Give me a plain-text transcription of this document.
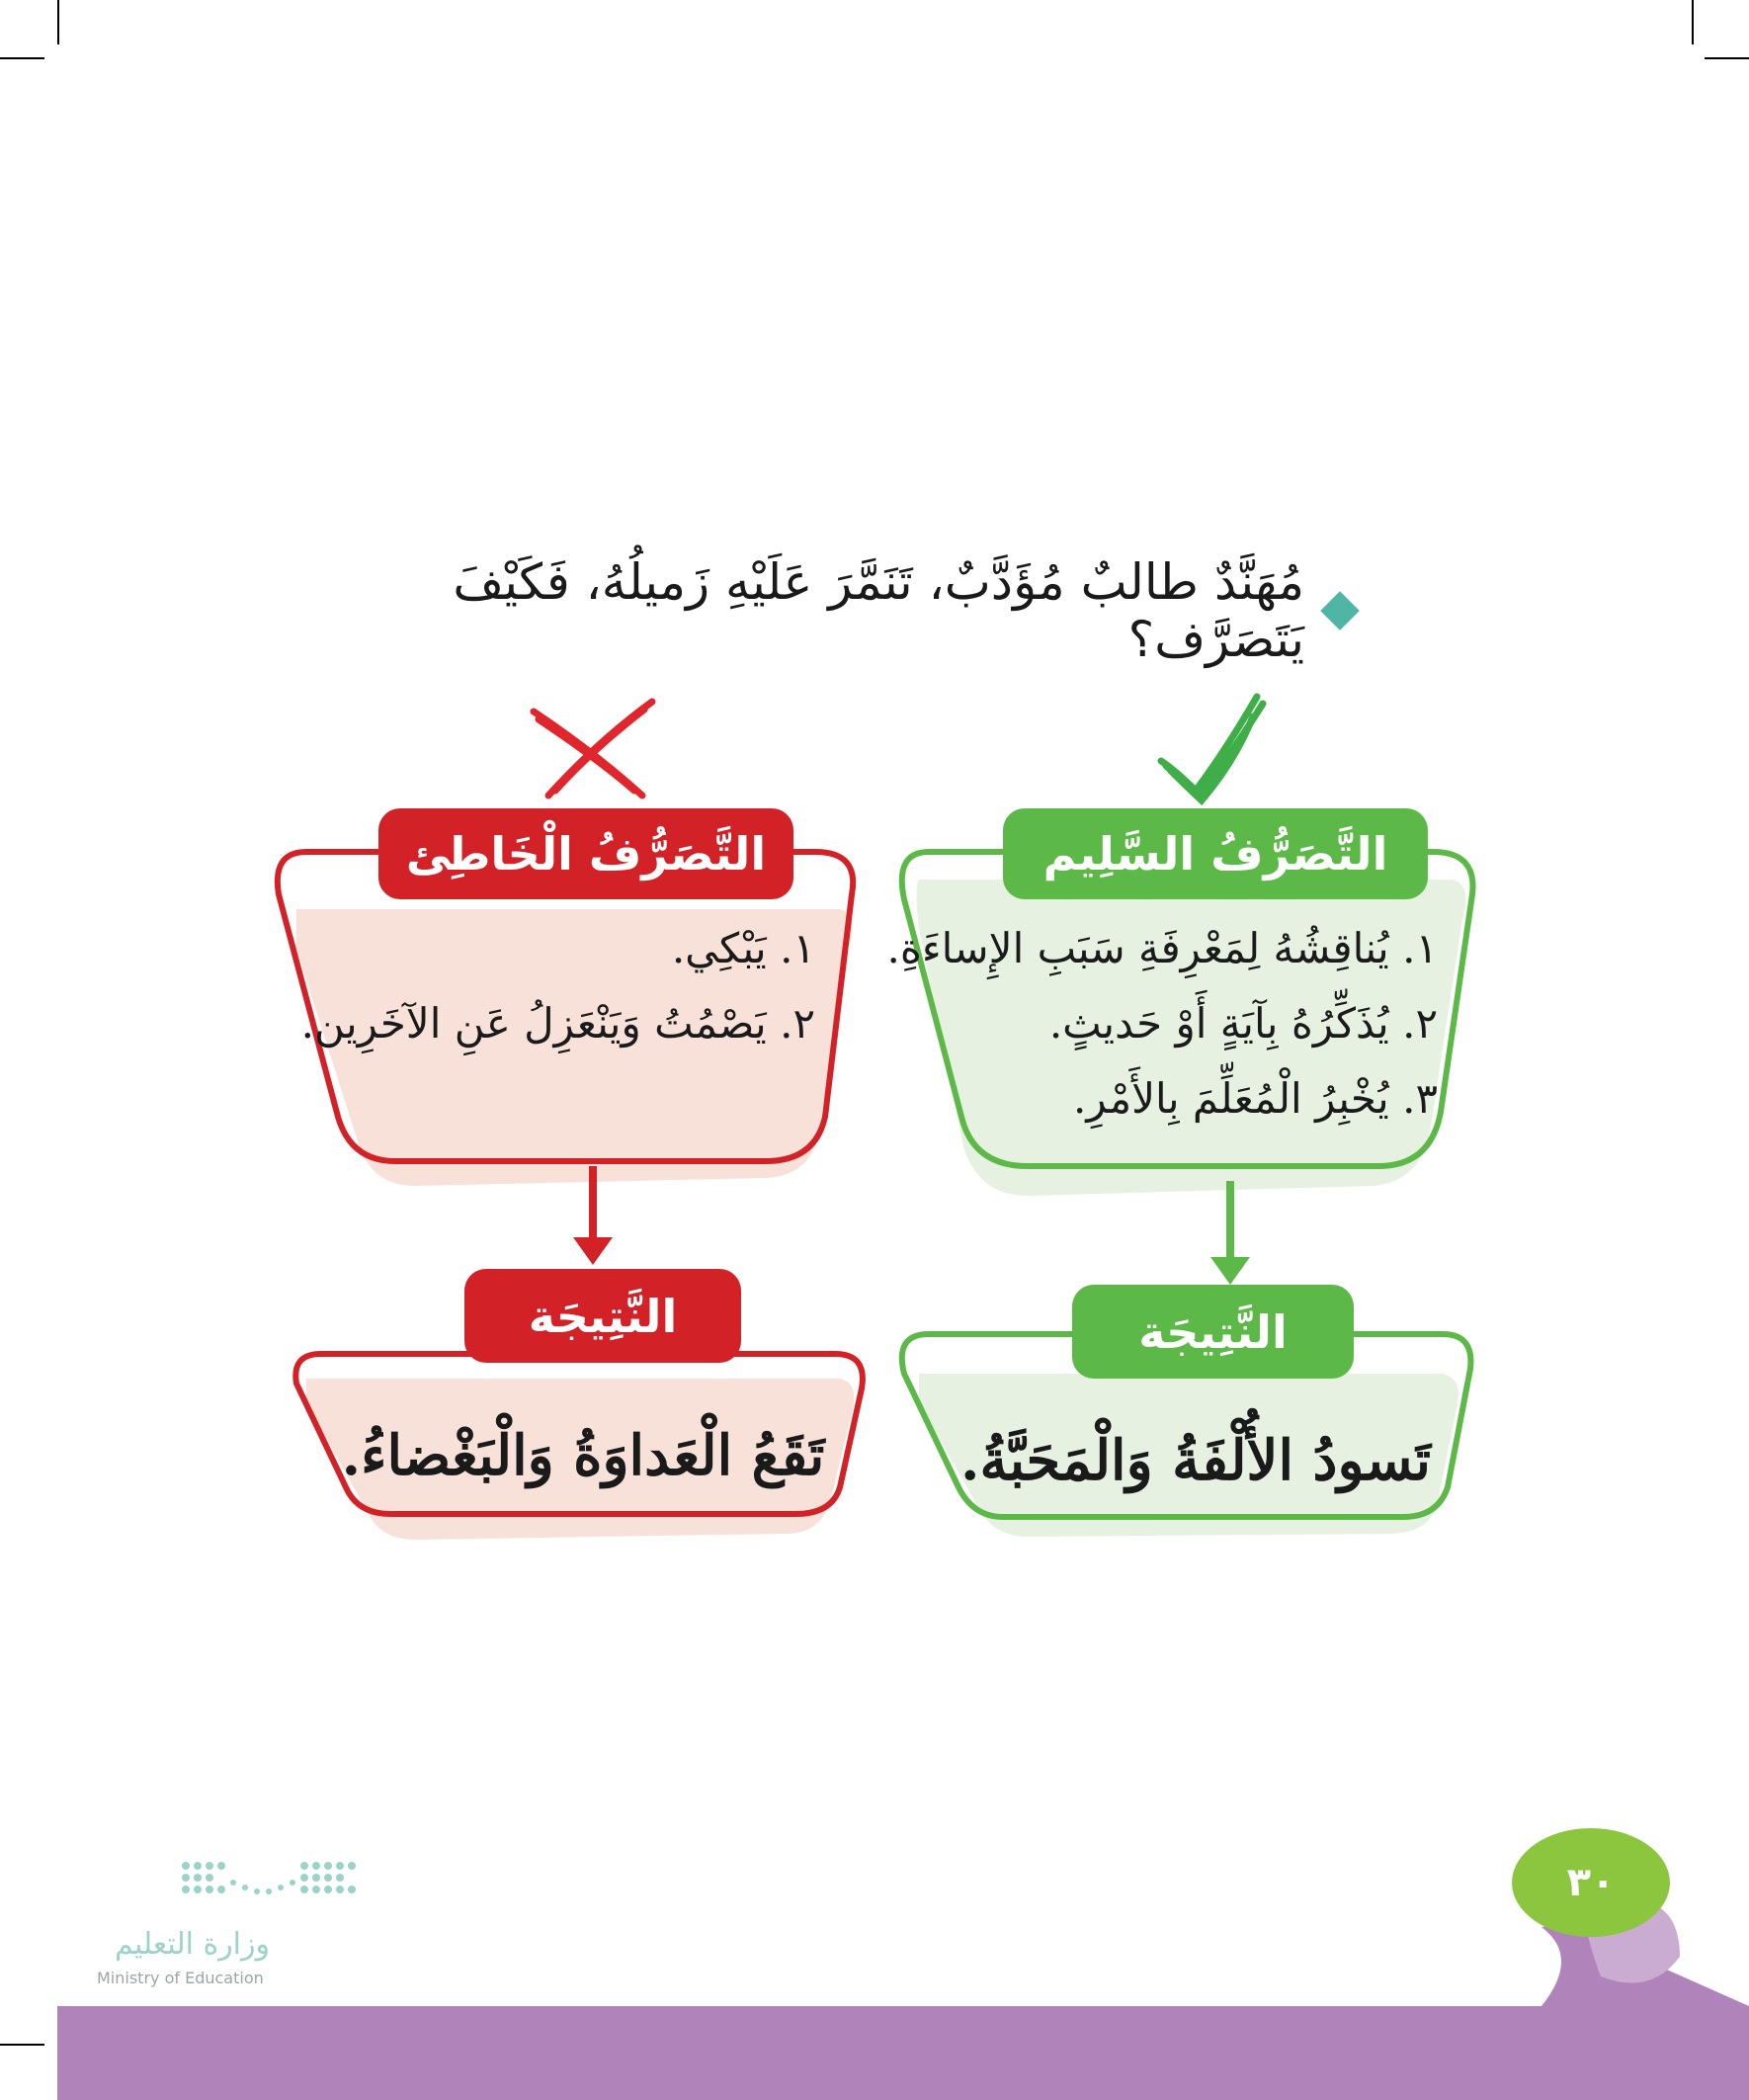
مُهَنَّدٌ طالبٌ مُؤَدَّبٌ، تَنَمَّرَ عَلَيْهِ زَميلُهُ، فَكَيْفَ يَتَصَرَّف؟
التَّصَرُّفُ السَّلِيم
التَّصَرُّفُ الْخَاطِئ
١. يُناقِشُهُ لِمَعْرِفَةِ سَبَبِ الإِساءَةِ.
٢. يُذَكِّرُهُ بِآيَةٍ أَوْ حَديثٍ.
٣. يُخْبِرُ الْمُعَلِّمَ بِالأَمْرِ.
١. يَبْكِي.
٢. يَصْمُتُ وَيَنْعَزِلُ عَنِ الآخَرِين.
النَّتِيجَة
النَّتِيجَة
تَسودُ الأُلْفَةُ وَالْمَحَبَّةُ.
تَقَعُ الْعَداوَةُ وَالْبَغْضاءُ.
٣٠
وزارة التعليم
Ministry of Education
